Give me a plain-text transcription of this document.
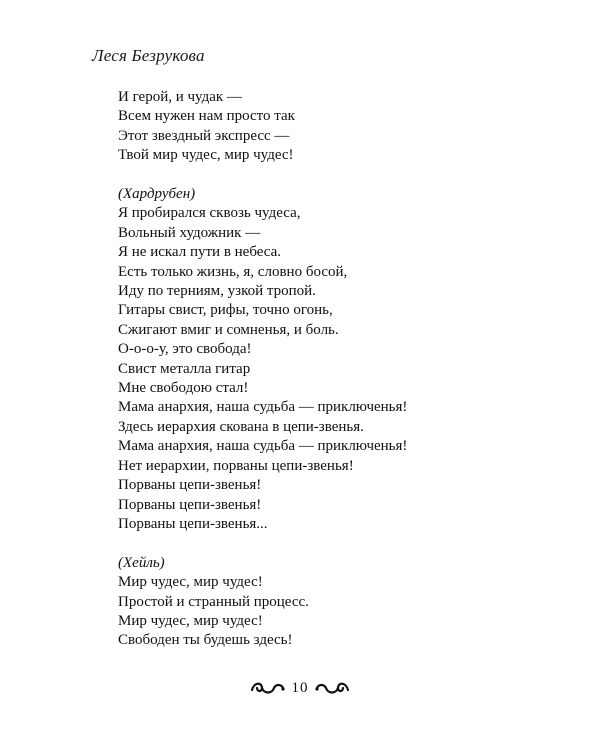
Леся Безрукова
И герой, и чудак —
Всем нужен нам просто так
Этот звездный экспресс —
Твой мир чудес, мир чудес!
(Хардрубен)
Я пробирался сквозь чудеса,
Вольный художник —
Я не искал пути в небеса.
Есть только жизнь, я, словно босой,
Иду по терниям, узкой тропой.
Гитары свист, рифы, точно огонь,
Сжигают вмиг и сомненья, и боль.
О-о-о-у, это свобода!
Свист металла гитар
Мне свободою стал!
Мама анархия, наша судьба — приключенья!
Здесь иерархия скована в цепи-звенья.
Мама анархия, наша судьба — приключенья!
Нет иерархии, порваны цепи-звенья!
Порваны цепи-звенья!
Порваны цепи-звенья!
Порваны цепи-звенья...
(Хейль)
Мир чудес, мир чудес!
Простой и странный процесс.
Мир чудес, мир чудес!
Свободен ты будешь здесь!
10
